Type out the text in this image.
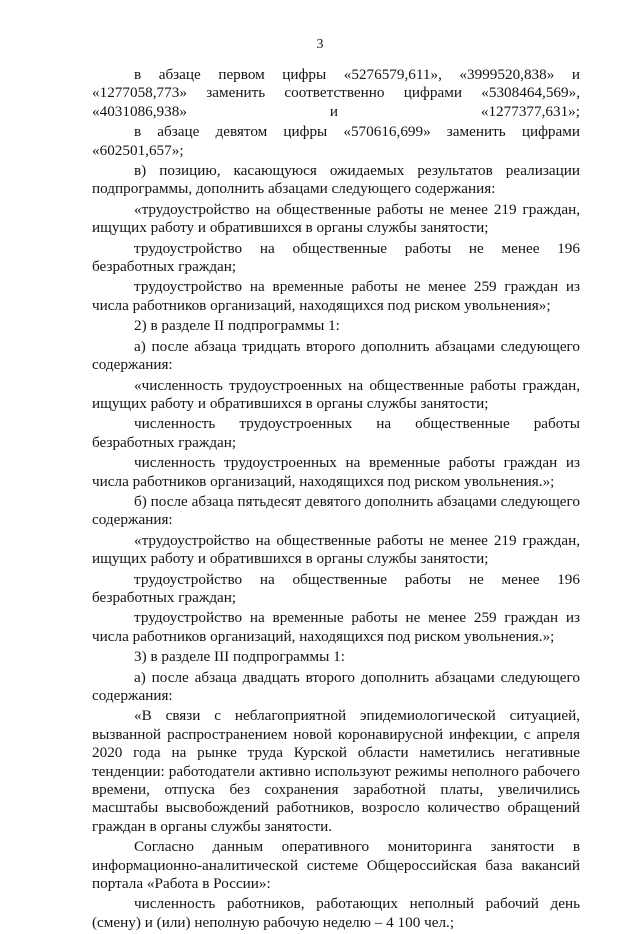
3

в абзаце первом цифры «5276579,611», «3999520,838» и «1277058,773» заменить соответственно цифрами «5308464,569», «4031086,938» и «1277377,631»;

в абзаце девятом цифры «570616,699» заменить цифрами «602501,657»;

в) позицию, касающуюся ожидаемых результатов реализации подпрограммы, дополнить абзацами следующего содержания:

«трудоустройство на общественные работы не менее 219 граждан, ищущих работу и обратившихся в органы службы занятости;

трудоустройство на общественные работы не менее 196 безработных граждан;

трудоустройство на временные работы не менее 259 граждан из числа работников организаций, находящихся под риском увольнения»;

2) в разделе II подпрограммы 1:

а) после абзаца тридцать второго дополнить абзацами следующего содержания:

«численность трудоустроенных на общественные работы граждан, ищущих работу и обратившихся в органы службы занятости;

численность трудоустроенных на общественные работы безработных граждан;

численность трудоустроенных на временные работы граждан из числа работников организаций, находящихся под риском увольнения.»;

б) после абзаца пятьдесят девятого дополнить абзацами следующего содержания:

«трудоустройство на общественные работы не менее 219 граждан, ищущих работу и обратившихся в органы службы занятости;

трудоустройство на общественные работы не менее 196 безработных граждан;

трудоустройство на временные работы не менее 259 граждан из числа работников организаций, находящихся под риском увольнения.»;

3) в разделе III подпрограммы 1:

а) после абзаца двадцать второго дополнить абзацами следующего содержания:

«В связи с неблагоприятной эпидемиологической ситуацией, вызванной распространением новой коронавирусной инфекции, с апреля 2020 года на рынке труда Курской области наметились негативные тенденции: работодатели активно используют режимы неполного рабочего времени, отпуска без сохранения заработной платы, увеличились масштабы высвобождений работников, возросло количество обращений граждан в органы службы занятости.

Согласно данным оперативного мониторинга занятости в информационно-аналитической системе Общероссийская база вакансий портала «Работа в России»:

численность работников, работающих неполный рабочий день (смену) и (или) неполную рабочую неделю – 4 100 чел.;
